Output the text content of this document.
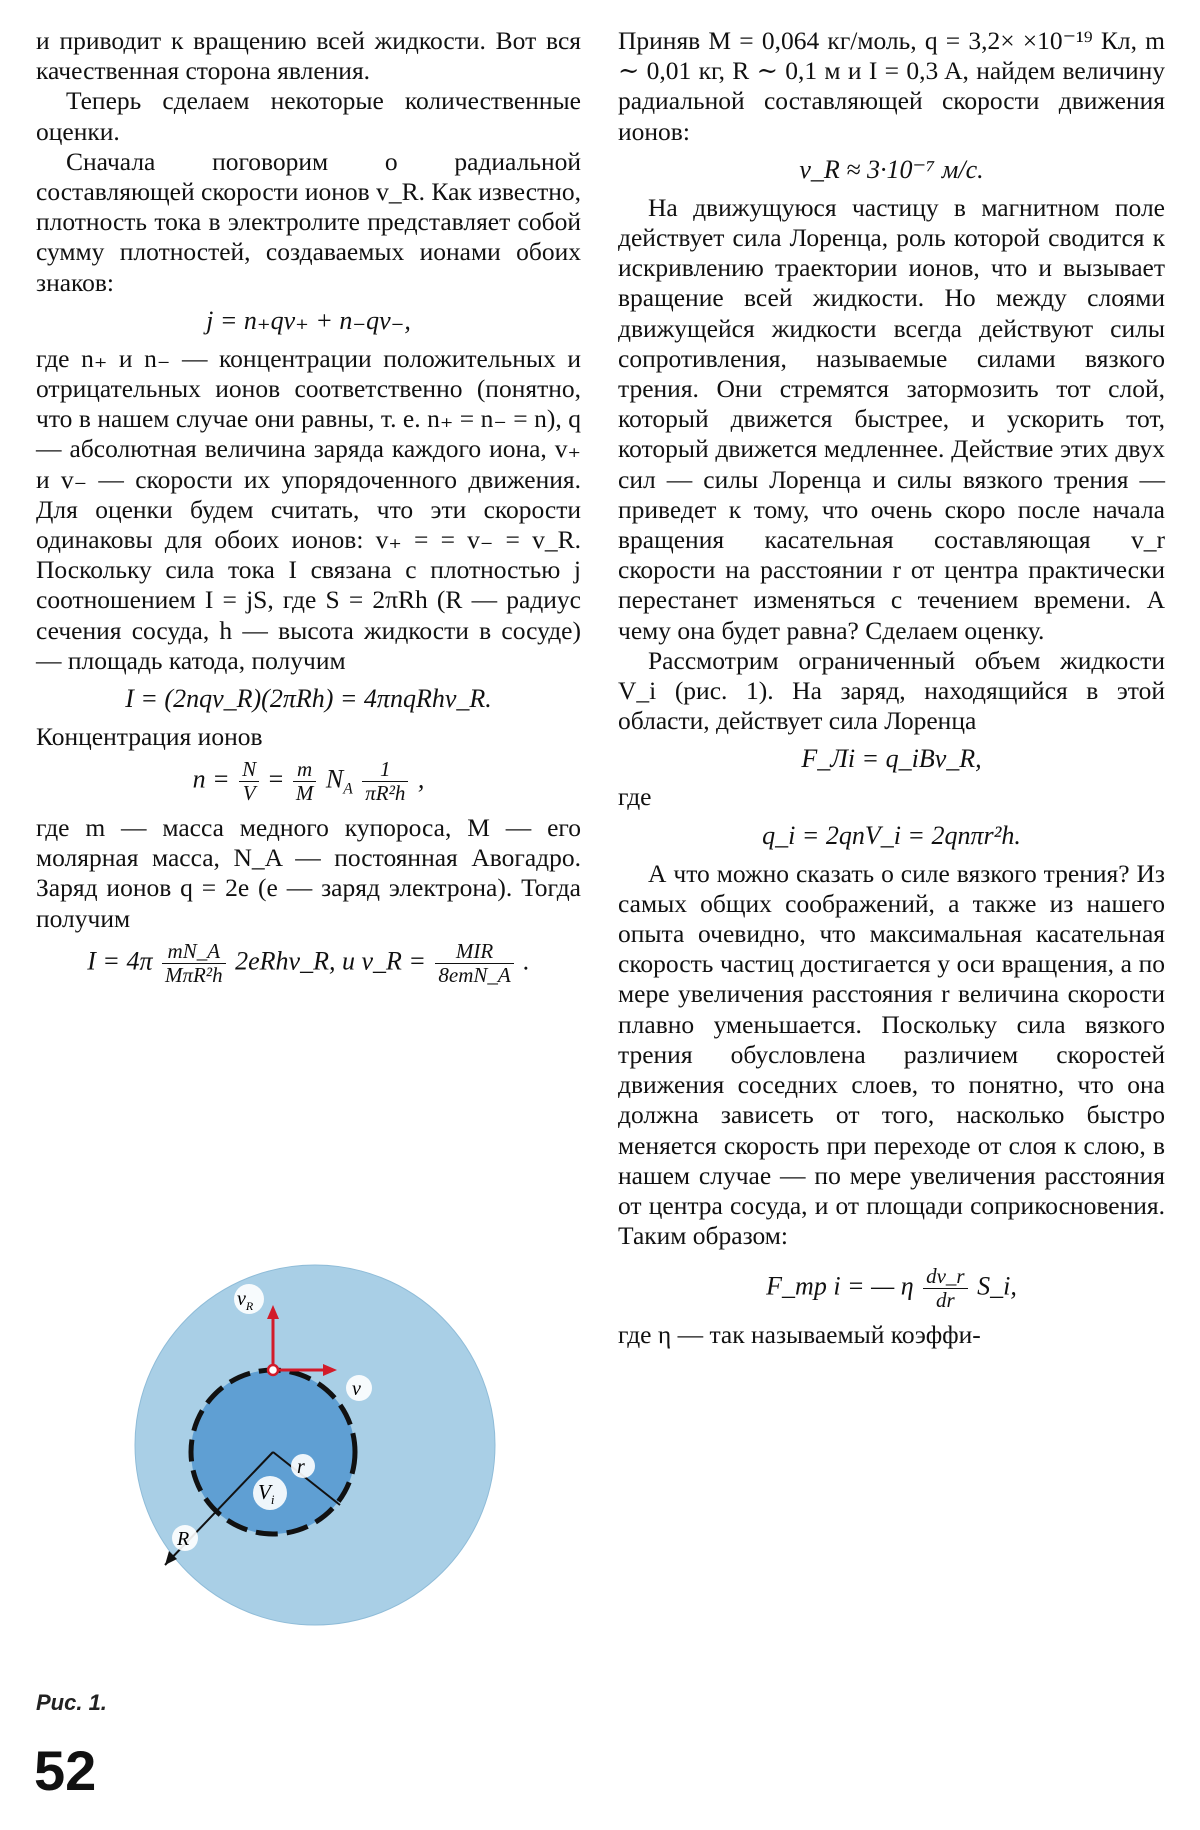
и приводит к вращению всей жидкости. Вот вся качественная сторона явления.

Теперь сделаем некоторые количественные оценки.

Сначала поговорим о радиальной составляющей скорости ионов v_R. Как известно, плотность тока в электролите представляет собой сумму плотностей, создаваемых ионами обоих знаков:

j = n₊qv₊ + n₋qv₋,

где n₊ и n₋ — концентрации положительных и отрицательных ионов соответственно (понятно, что в нашем случае они равны, т. е. n₊ = n₋ = n), q — абсолютная величина заряда каждого иона, v₊ и v₋ — скорости их упорядоченного движения. Для оценки будем считать, что эти скорости одинаковы для обоих ионов: v₊ = = v₋ = v_R. Поскольку сила тока I связана с плотностью j соотношением I = jS, где S = 2πRh (R — радиус сечения сосуда, h — высота жидкости в сосуде) — площадь катода, получим

I = (2nqv_R)(2πRh) = 4πnqRhv_R.

Концентрация ионов

$n = \frac{N}{V} = \frac{m}{M} N_A \frac{1}{\text{πR²h}}$ ,

где m — масса медного купороса, M — его молярная масса, N_A — постоянная Авогадро. Заряд ионов q = 2e (e — заряд электрона). Тогда получим

$I = 4\pi \frac{mN\_A}{\text{MπR²h}}$ 2eRhv_R, и v_R = $\frac{\text{MIR}}{\text{8emN\_A}}$ .
$v_R$
v
r
R
$V_i$
Рис. 1.
52

Приняв M = 0,064 кг/моль, q = 3,2× ×10⁻¹⁹ Кл, m ∼ 0,01 кг, R ∼ 0,1 м и I = 0,3 A, найдем величину радиальной составляющей скорости движения ионов:

v_R ≈ 3·10⁻⁷ м/с.

На движущуюся частицу в магнитном поле действует сила Лоренца, роль которой сводится к искривлению траектории ионов, что и вызывает вращение всей жидкости. Но между слоями движущейся жидкости всегда действуют силы сопротивления, называемые силами вязкого трения. Они стремятся затормозить тот слой, который движется быстрее, и ускорить тот, который движется медленнее. Действие этих двух сил — силы Лоренца и силы вязкого трения — приведет к тому, что очень скоро после начала вращения касательная составляющая v_r скорости на расстоянии r от центра практически перестанет изменяться с течением времени. А чему она будет равна? Сделаем оценку.

Рассмотрим ограниченный объем жидкости V_i (рис. 1). На заряд, находящийся в этой области, действует сила Лоренца

F_Лi = q_iBv_R,

где

q_i = 2qnV_i = 2qnπr²h.

А что можно сказать о силе вязкого трения? Из самых общих соображений, а также из нашего опыта очевидно, что максимальная касательная скорость частиц достигается у оси вращения, а по мере увеличения расстояния r величина скорости плавно уменьшается. Поскольку сила вязкого трения обусловлена различием скоростей движения соседних слоев, то понятно, что она должна зависеть от того, насколько быстро меняется скорость при переходе от слоя к слою, в нашем случае — по мере увеличения расстояния от центра сосуда, и от площади соприкосновения. Таким образом:

F_тр i = — η $\frac{dv\_r}{dr}$ S_i,

где η — так называемый коэффи-
